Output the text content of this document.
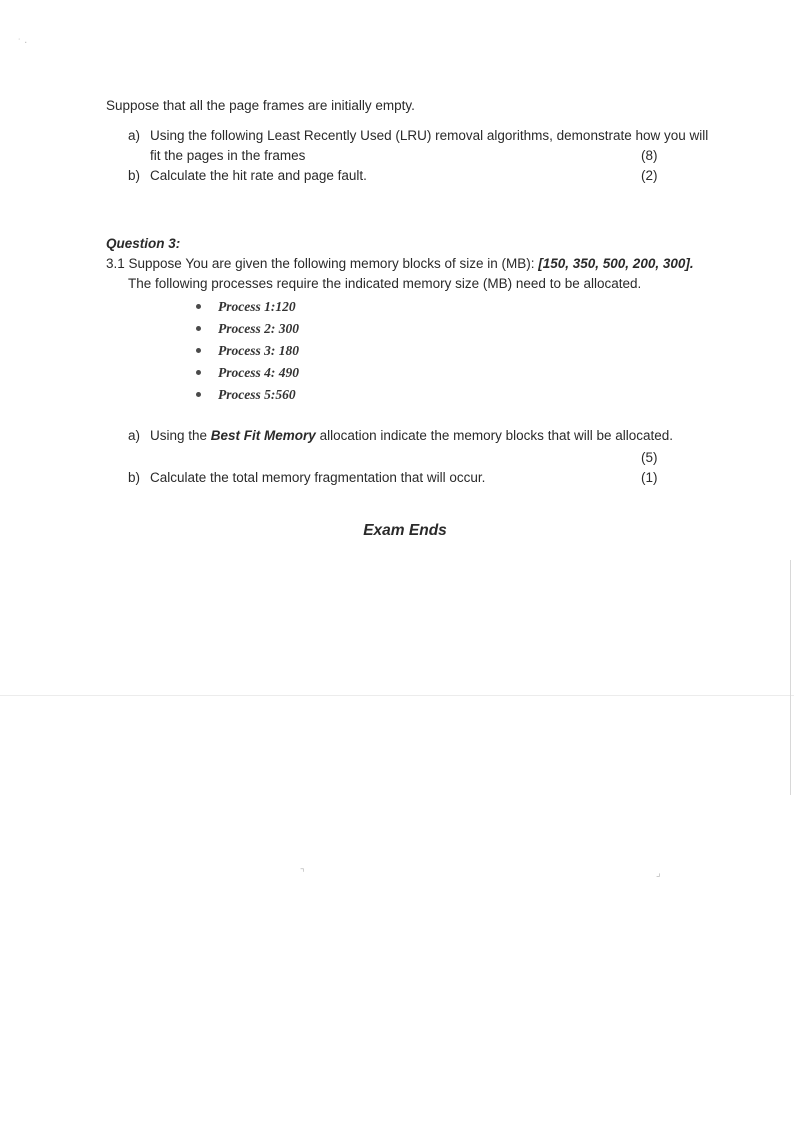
˙ ‧
⌝	⌟
Suppose that all the page frames are initially empty.
a) Using the following Least Recently Used (LRU) removal algorithms, demonstrate how you will
fit the pages in the frames	(8)
b) Calculate the hit rate and page fault.	(2)
Question 3:
3.1 Suppose You are given the following memory blocks of size in (MB): [150, 350, 500, 200, 300].
The following processes require the indicated memory size (MB) need to be allocated.
Process 1:120
Process 2: 300
Process 3: 180
Process 4: 490
Process 5:560
a) Using the Best Fit Memory allocation indicate the memory blocks that will be allocated.
(5)
b) Calculate the total memory fragmentation that will occur.	(1)
Exam Ends
